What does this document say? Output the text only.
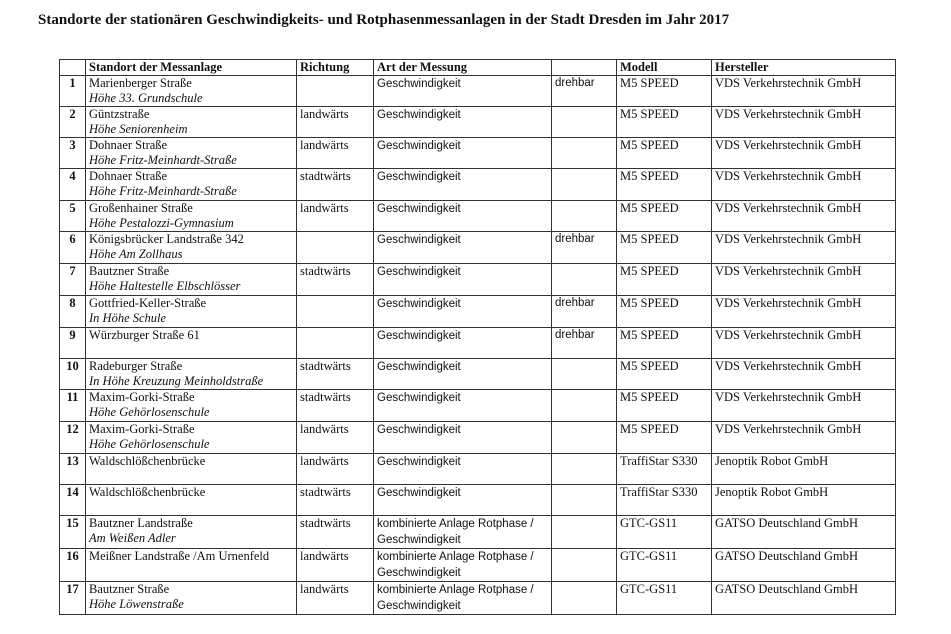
Standorte der stationären Geschwindigkeits- und Rotphasenmessanlagen in der Stadt Dresden im Jahr 2017
	Standort der Messanlage	Richtung	Art der Messung		Modell	Hersteller
1	Marienberger Straße
Höhe 33. Grundschule		Geschwindigkeit	drehbar	M5 SPEED	VDS Verkehrstechnik GmbH
2	Güntzstraße
Höhe Seniorenheim	landwärts	Geschwindigkeit		M5 SPEED	VDS Verkehrstechnik GmbH
3	Dohnaer Straße
Höhe Fritz-Meinhardt-Straße	landwärts	Geschwindigkeit		M5 SPEED	VDS Verkehrstechnik GmbH
4	Dohnaer Straße
Höhe Fritz-Meinhardt-Straße	stadtwärts	Geschwindigkeit		M5 SPEED	VDS Verkehrstechnik GmbH
5	Großenhainer Straße
Höhe Pestalozzi-Gymnasium	landwärts	Geschwindigkeit		M5 SPEED	VDS Verkehrstechnik GmbH
6	Königsbrücker Landstraße 342
Höhe Am Zollhaus		Geschwindigkeit	drehbar	M5 SPEED	VDS Verkehrstechnik GmbH
7	Bautzner Straße
Höhe Haltestelle Elbschlösser	stadtwärts	Geschwindigkeit		M5 SPEED	VDS Verkehrstechnik GmbH
8	Gottfried-Keller-Straße
In Höhe Schule		Geschwindigkeit	drehbar	M5 SPEED	VDS Verkehrstechnik GmbH
9	Würzburger Straße 61		Geschwindigkeit	drehbar	M5 SPEED	VDS Verkehrstechnik GmbH
10	Radeburger Straße
In Höhe Kreuzung Meinholdstraße	stadtwärts	Geschwindigkeit		M5 SPEED	VDS Verkehrstechnik GmbH
11	Maxim-Gorki-Straße
Höhe Gehörlosenschule	stadtwärts	Geschwindigkeit		M5 SPEED	VDS Verkehrstechnik GmbH
12	Maxim-Gorki-Straße
Höhe Gehörlosenschule	landwärts	Geschwindigkeit		M5 SPEED	VDS Verkehrstechnik GmbH
13	Waldschlößchenbrücke	landwärts	Geschwindigkeit		TraffiStar S330	Jenoptik Robot GmbH
14	Waldschlößchenbrücke	stadtwärts	Geschwindigkeit		TraffiStar S330	Jenoptik Robot GmbH
15	Bautzner Landstraße
Am Weißen Adler	stadtwärts	kombinierte Anlage Rotphase /
Geschwindigkeit		GTC-GS11	GATSO Deutschland GmbH
16	Meißner Landstraße /Am Urnenfeld	landwärts	kombinierte Anlage Rotphase /
Geschwindigkeit		GTC-GS11	GATSO Deutschland GmbH
17	Bautzner Straße
Höhe Löwenstraße	landwärts	kombinierte Anlage Rotphase /
Geschwindigkeit		GTC-GS11	GATSO Deutschland GmbH
